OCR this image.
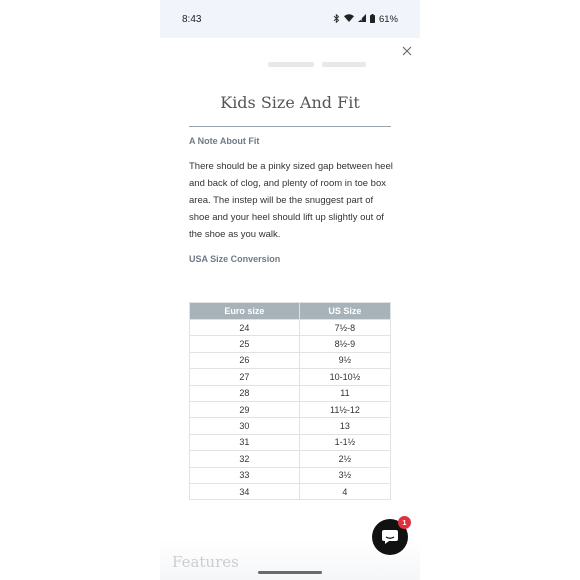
8:43	61%
Kids Size And Fit
A Note About Fit
There should be a pinky sized gap between heel
and back of clog, and plenty of room in toe box
area. The instep will be the snuggest part of
shoe and your heel should lift up slightly out of
the shoe as you walk.
USA Size Conversion
Euro size	US Size
24	7½-8
25	8½-9
26	9½
27	10-10½
28	11
29	11½-12
30	13
31	1-1½
32	2½
33	3½
34	4
Features
1
